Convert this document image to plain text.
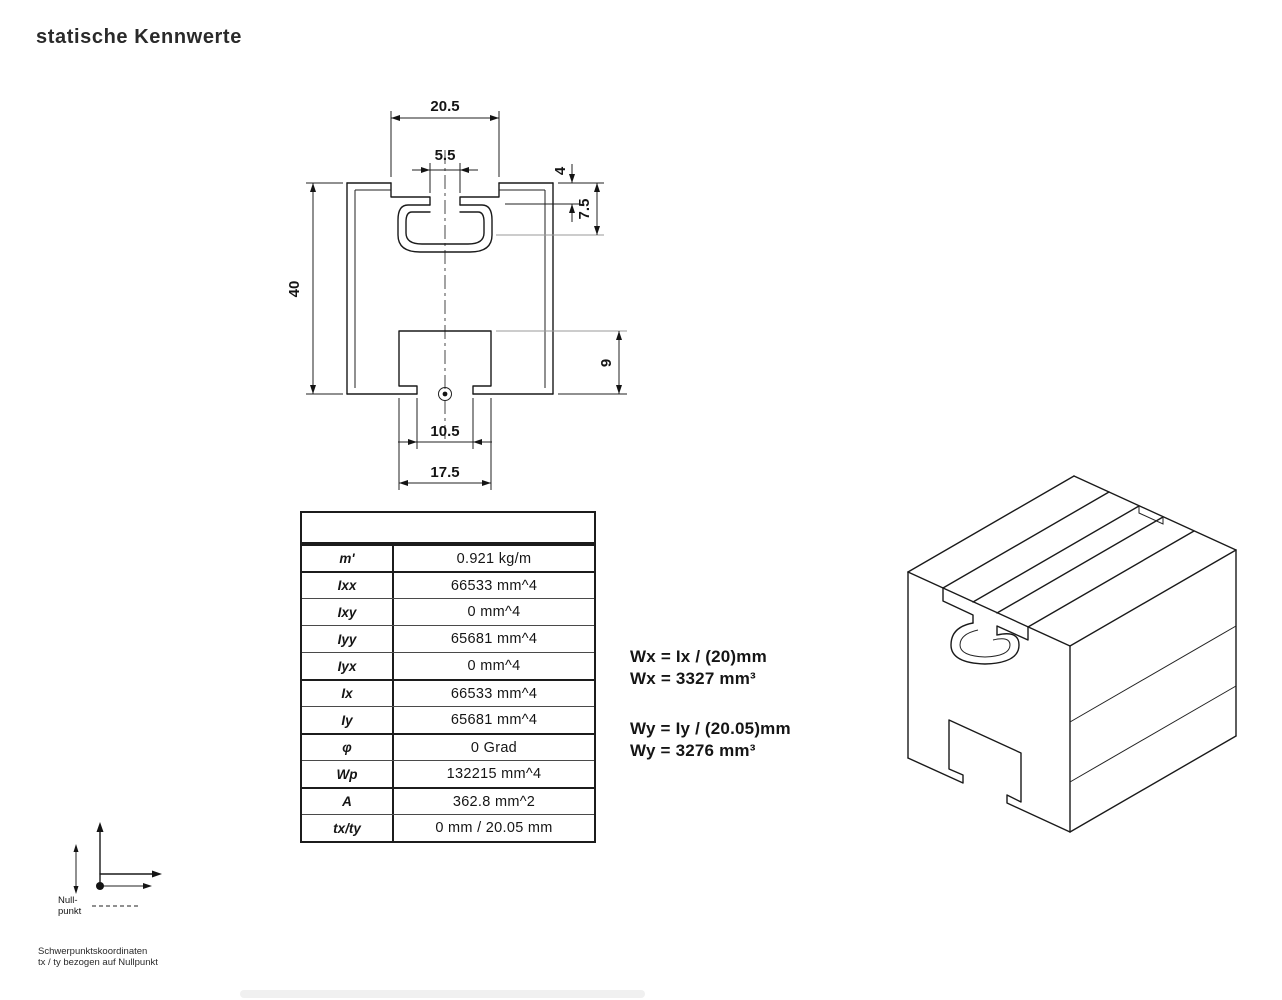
statische Kennwerte
20.5
5.5
40
4
7.5
9
10.5
17.5
m'	0.921 kg/m
Ixx	66533 mm^4
Ixy	0 mm^4
Iyy	65681 mm^4
Iyx	0 mm^4
Ix	66533 mm^4
Iy	65681 mm^4
φ	0 Grad
Wp	132215 mm^4
A	362.8 mm^2
tx/ty	0 mm / 20.05 mm
Wx = Ix / (20)mm
Wx = 3327 mm³
Wy = Iy / (20.05)mm
Wy = 3276 mm³
Null-
punkt
Schwerpunktskoordinaten
tx / ty bezogen auf Nullpunkt
